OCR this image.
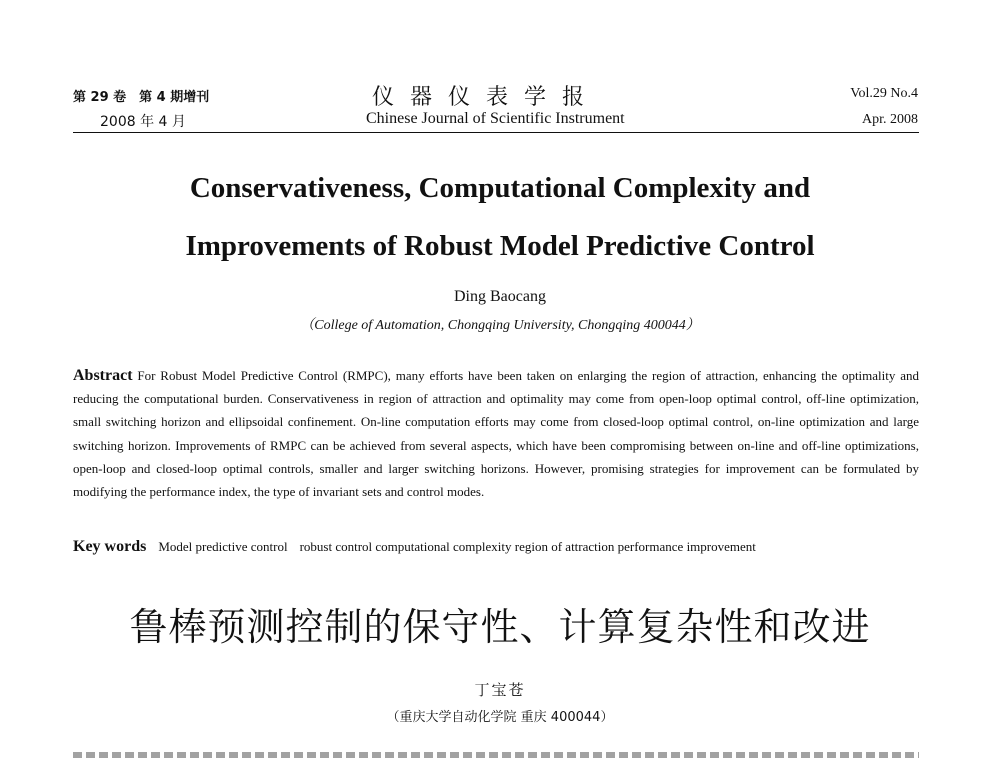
第 29 卷　第 4 期增刊
2008 年 4 月
仪器仪表学报
Chinese Journal of Scientific Instrument
Vol.29 No.4
Apr. 2008
Conservativeness, Computational Complexity and
Improvements of Robust Model Predictive Control
Ding Baocang
（College of Automation, Chongqing University, Chongqing 400044）

Abstract For Robust Model Predictive Control (RMPC), many efforts have been taken on enlarging the region of attraction, enhancing the optimality and reducing the computational burden. Conservativeness in region of attraction and optimality may come from open-loop optimal control, off-line optimization, small switching horizon and ellipsoidal confinement. On-line computation efforts may come from closed-loop optimal control, on-line optimization and large switching horizon. Improvements of RMPC can be achieved from several aspects, which have been compromising between on-line and off-line optimizations, open-loop and closed-loop optimal controls, smaller and larger switching horizons. However, promising strategies for improvement can be formulated by modifying the performance index, the type of invariant sets and control modes.

Key words Model predictive control robust control computational complexity region of attraction performance improvement

鲁棒预测控制的保守性、计算复杂性和改进
丁宝苍
（重庆大学自动化学院 重庆 400044）
